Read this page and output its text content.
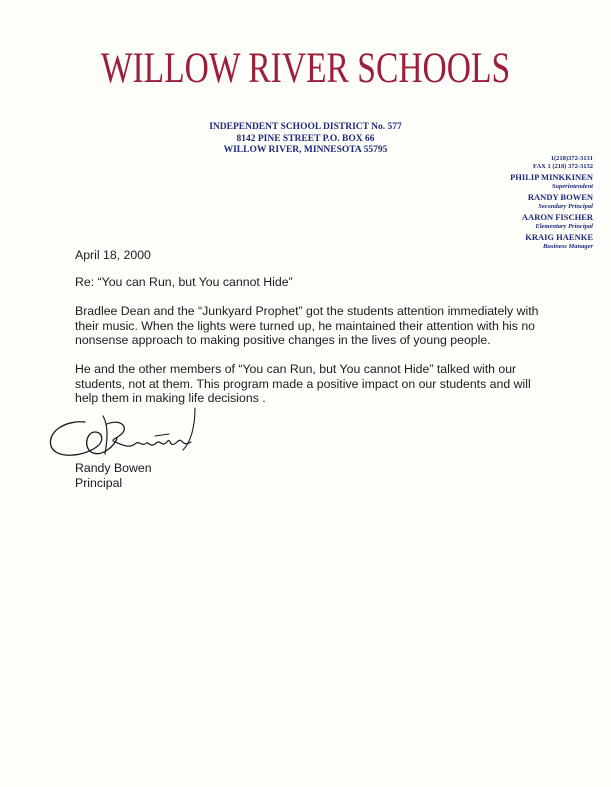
WILLOW RIVER SCHOOLS
INDEPENDENT SCHOOL DISTRICT No. 577
8142 PINE STREET P.O. BOX 66
WILLOW RIVER, MINNESOTA 55795
1(218)372-3131
FAX 1 (218) 372-3132
PHILIP MINKKINEN
Superintendent
RANDY BOWEN
Secondary Principal
AARON FISCHER
Elementary Principal
KRAIG HAENKE
Business Manager
April 18, 2000
Re: “You can Run, but You cannot Hide”
Bradlee Dean and the “Junkyard Prophet” got the students attention immediately with their music. When the lights were turned up, he maintained their attention with his no nonsense approach to making positive changes in the lives of young people.
He and the other members of “You can Run, but You cannot Hide” talked with our students, not at them. This program made a positive impact on our students and will help them in making life decisions .
Randy Bowen
Principal
